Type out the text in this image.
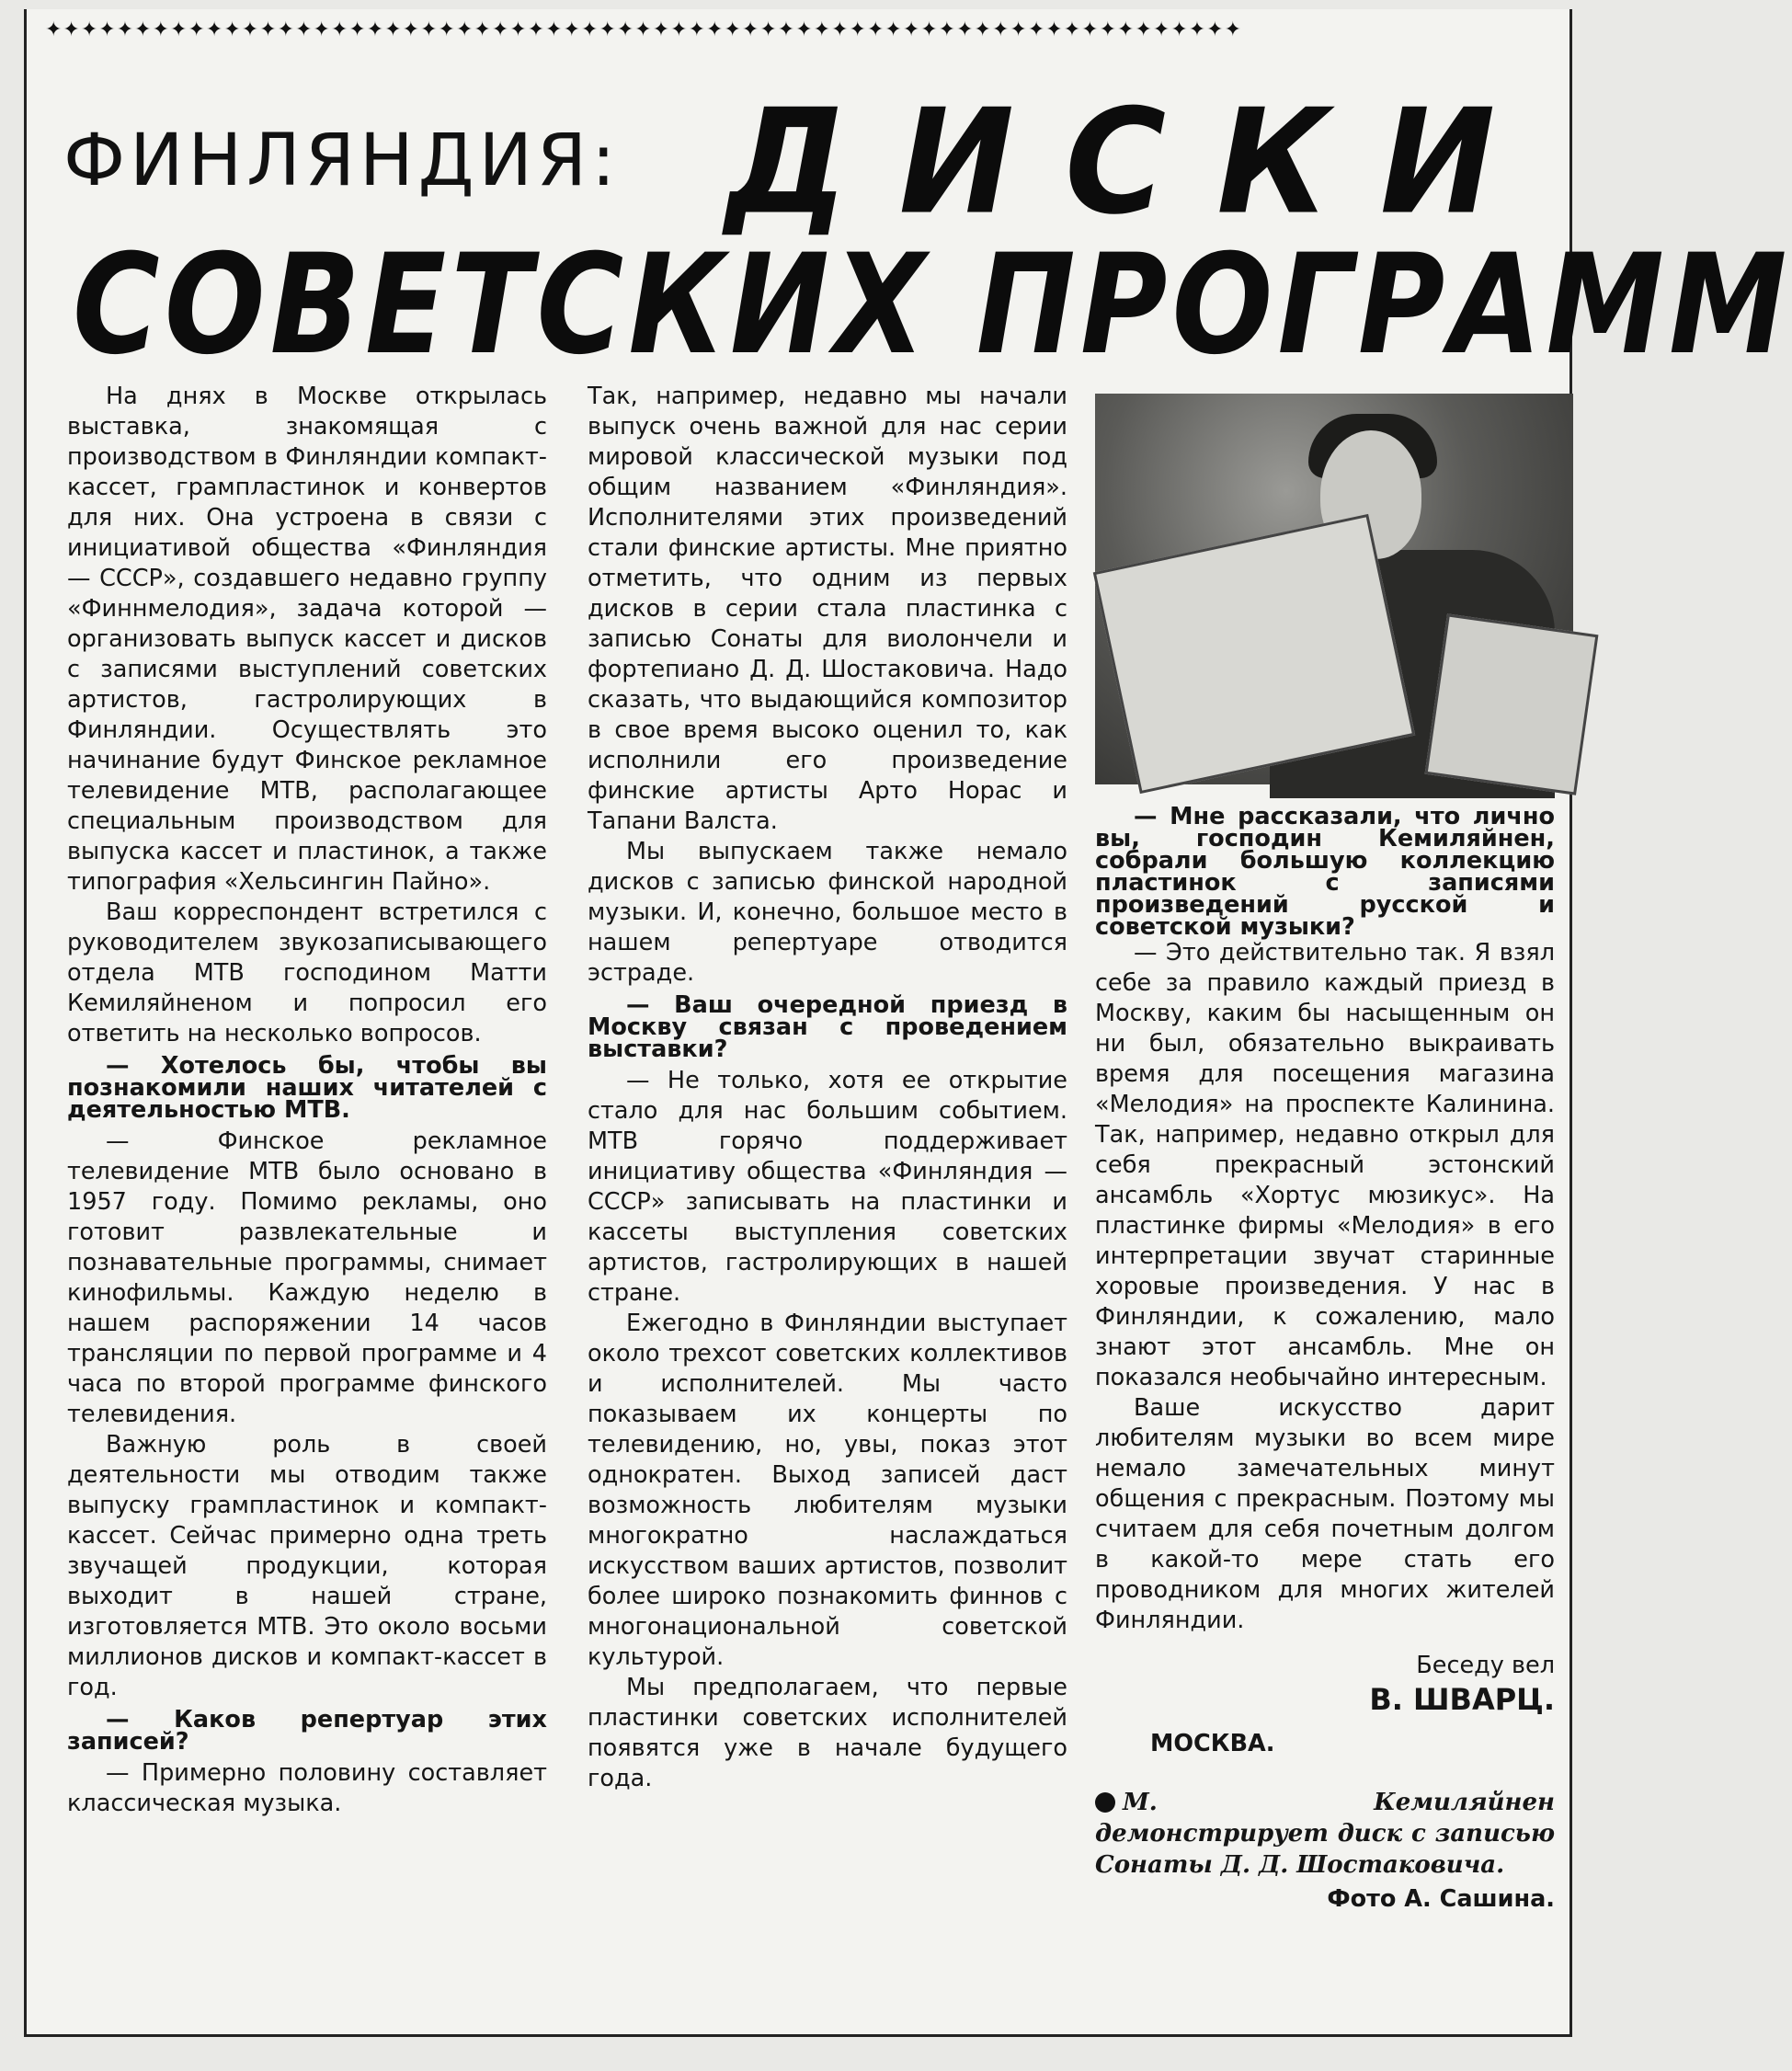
✦✦✦✦✦✦✦✦✦✦✦✦✦✦✦✦✦✦✦✦✦✦✦✦✦✦✦✦✦✦✦✦✦✦✦✦✦✦✦✦✦✦✦✦✦✦✦✦✦✦✦✦✦✦✦✦✦✦✦✦✦✦✦✦✦✦✦
ФИНЛЯНДИЯ: ДИСКИ
СОВЕТСКИХ ПРОГРАММ

На днях в Москве открылась выставка, знакомящая с производством в Финляндии компакт-кассет, грампластинок и конвертов для них. Она устроена в связи с инициативой общества «Финляндия — СССР», создавшего недавно группу «Финнмелодия», задача которой — организовать выпуск кассет и дисков с записями выступлений советских артистов, гастролирующих в Финляндии. Осуществлять это начинание будут Финское рекламное телевидение МТВ, располагающее специальным производством для выпуска кассет и пластинок, а также типография «Хельсингин Пайно».

Ваш корреспондент встретился с руководителем звукозаписывающего отдела МТВ господином Матти Кемиляйненом и попросил его ответить на несколько вопросов.

— Хотелось бы, чтобы вы познакомили наших читателей с деятельностью МТВ.

— Финское рекламное телевидение МТВ было основано в 1957 году. Помимо рекламы, оно готовит развлекательные и познавательные программы, снимает кинофильмы. Каждую неделю в нашем распоряжении 14 часов трансляции по первой программе и 4 часа по второй программе финского телевидения.

Важную роль в своей деятельности мы отводим также выпуску грампластинок и компакт-кассет. Сейчас примерно одна треть звучащей продукции, которая выходит в нашей стране, изготовляется МТВ. Это около восьми миллионов дисков и компакт-кассет в год.

— Каков репертуар этих записей?

— Примерно половину составляет классическая музыка.

Так, например, недавно мы начали выпуск очень важной для нас серии мировой классической музыки под общим названием «Финляндия». Исполнителями этих произведений стали финские артисты. Мне приятно отметить, что одним из первых дисков в серии стала пластинка с записью Сонаты для виолончели и фортепиано Д. Д. Шостаковича. Надо сказать, что выдающийся композитор в свое время высоко оценил то, как исполнили его произведение финские артисты Арто Норас и Тапани Валста.

Мы выпускаем также немало дисков с записью финской народной музыки. И, конечно, большое место в нашем репертуаре отводится эстраде.

— Ваш очередной приезд в Москву связан с проведением выставки?

— Не только, хотя ее открытие стало для нас большим событием. МТВ горячо поддерживает инициативу общества «Финляндия — СССР» записывать на пластинки и кассеты выступления советских артистов, гастролирующих в нашей стране.

Ежегодно в Финляндии выступает около трехсот советских коллективов и исполнителей. Мы часто показываем их концерты по телевидению, но, увы, показ этот однократен. Выход записей даст возможность любителям музыки многократно наслаждаться искусством ваших артистов, позволит более широко познакомить финнов с многонациональной советской культурой.

Мы предполагаем, что первые пластинки советских исполнителей появятся уже в начале будущего года.

— Мне рассказали, что лично вы, господин Кемиляйнен, собрали большую коллекцию пластинок с записями произведений русской и советской музыки?

— Это действительно так. Я взял себе за правило каждый приезд в Москву, каким бы насыщенным он ни был, обязательно выкраивать время для посещения магазина «Мелодия» на проспекте Калинина. Так, например, недавно открыл для себя прекрасный эстонский ансамбль «Хортус мюзикус». На пластинке фирмы «Мелодия» в его интерпретации звучат старинные хоровые произведения. У нас в Финляндии, к сожалению, мало знают этот ансамбль. Мне он показался необычайно интересным.

Ваше искусство дарит любителям музыки во всем мире немало замечательных минут общения с прекрасным. Поэтому мы считаем для себя почетным долгом в какой-то мере стать его проводником для многих жителей Финляндии.

Беседу вел
В. ШВАРЦ.
МОСКВА.
М. Кемиляйнен демонстрирует диск с записью Сонаты Д. Д. Шостаковича.
Фото А. Сашина.
